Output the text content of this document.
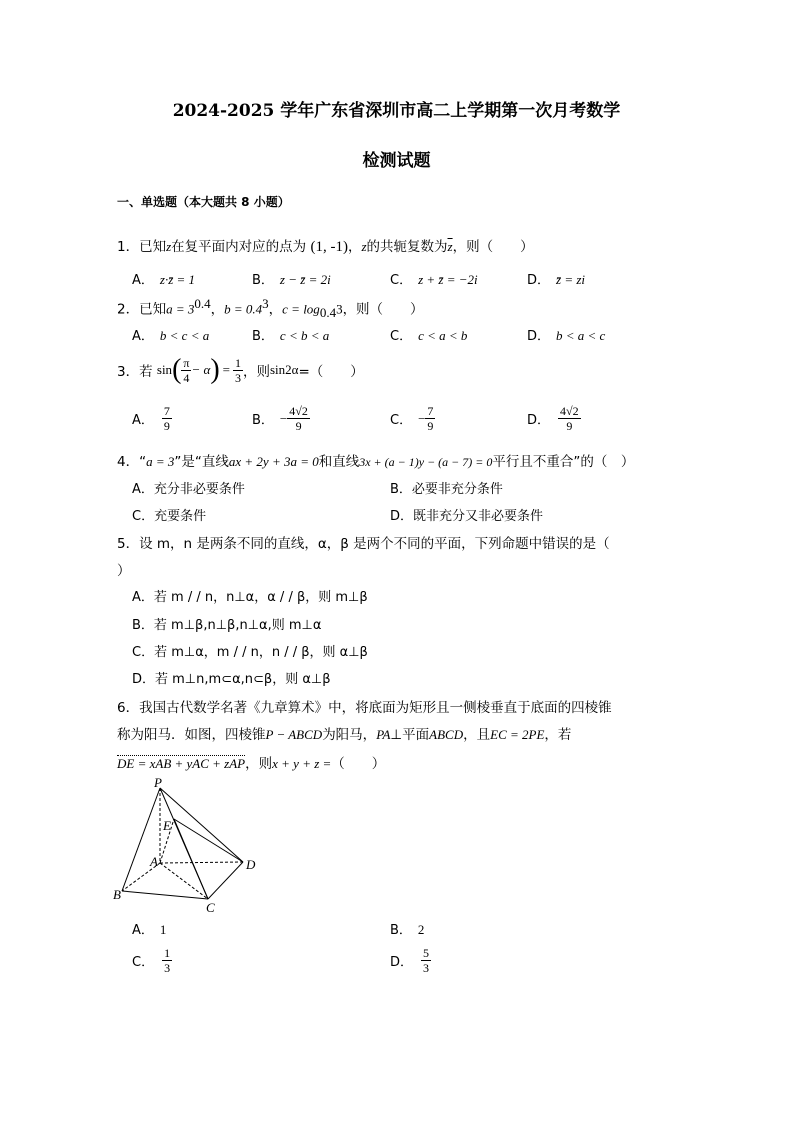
2024-2025 学年广东省深圳市高二上学期第一次月考数学
检测试题
一、单选题（本大题共 8 小题）
1．已知z在复平面内对应的点为 (1, -1)，z的共轭复数为$\overline{z}$，则（　　）
A． z·z̄ = 1	B． z − z̄ = 2i	C． z + z̄ = −2i	D． z̄ = zi
2．已知$a = 3^{0.4}$，$b = 0.4^3$，$c = \log_{0.4}3$，则（　　）
A． b < c < a	B． c < b < a	C． c < a < b	D． b < a < c
3．若 $\sin( \frac{\pi}{4} - \alpha) = \frac{1}{3}$ ，则sin2α=（　　）
A． $\frac{7}{9}$	B． − $\frac{4√2}{9}$	C． − $\frac{7}{9}$	D． $\frac{4√2}{9}$
4．“a = 3”是“直线ax + 2y + 3a = 0和直线3x + (a − 1)y − (a − 7) = 0平行且不重合”的（　）
A．充分非必要条件	B．必要非充分条件
C．充要条件	D．既非充分又非必要条件
5．设 m，n 是两条不同的直线，α，β 是两个不同的平面，下列命题中错误的是（
）
A．若 m / / n，n⊥α，α / / β，则 m⊥β
B．若 m⊥β,n⊥β,n⊥α,则 m⊥α
C．若 m⊥α，m / / n，n / / β，则 α⊥β
D．若 m⊥n,m⊂α,n⊂β，则 α⊥β
6．我国古代数学名著《九章算术》中，将底面为矩形且一侧棱垂直于底面的四棱锥
称为阳马．如图，四棱锥P − ABCD为阳马，PA⊥平面ABCD，且EC = 2PE，若
DE = xAB + yAC + zAP，则x + y + z =（　　）
P
E
A
B
C
D
A． 1	B． 2
C． $\frac{1}{3}$	D． $\frac{5}{3}$
